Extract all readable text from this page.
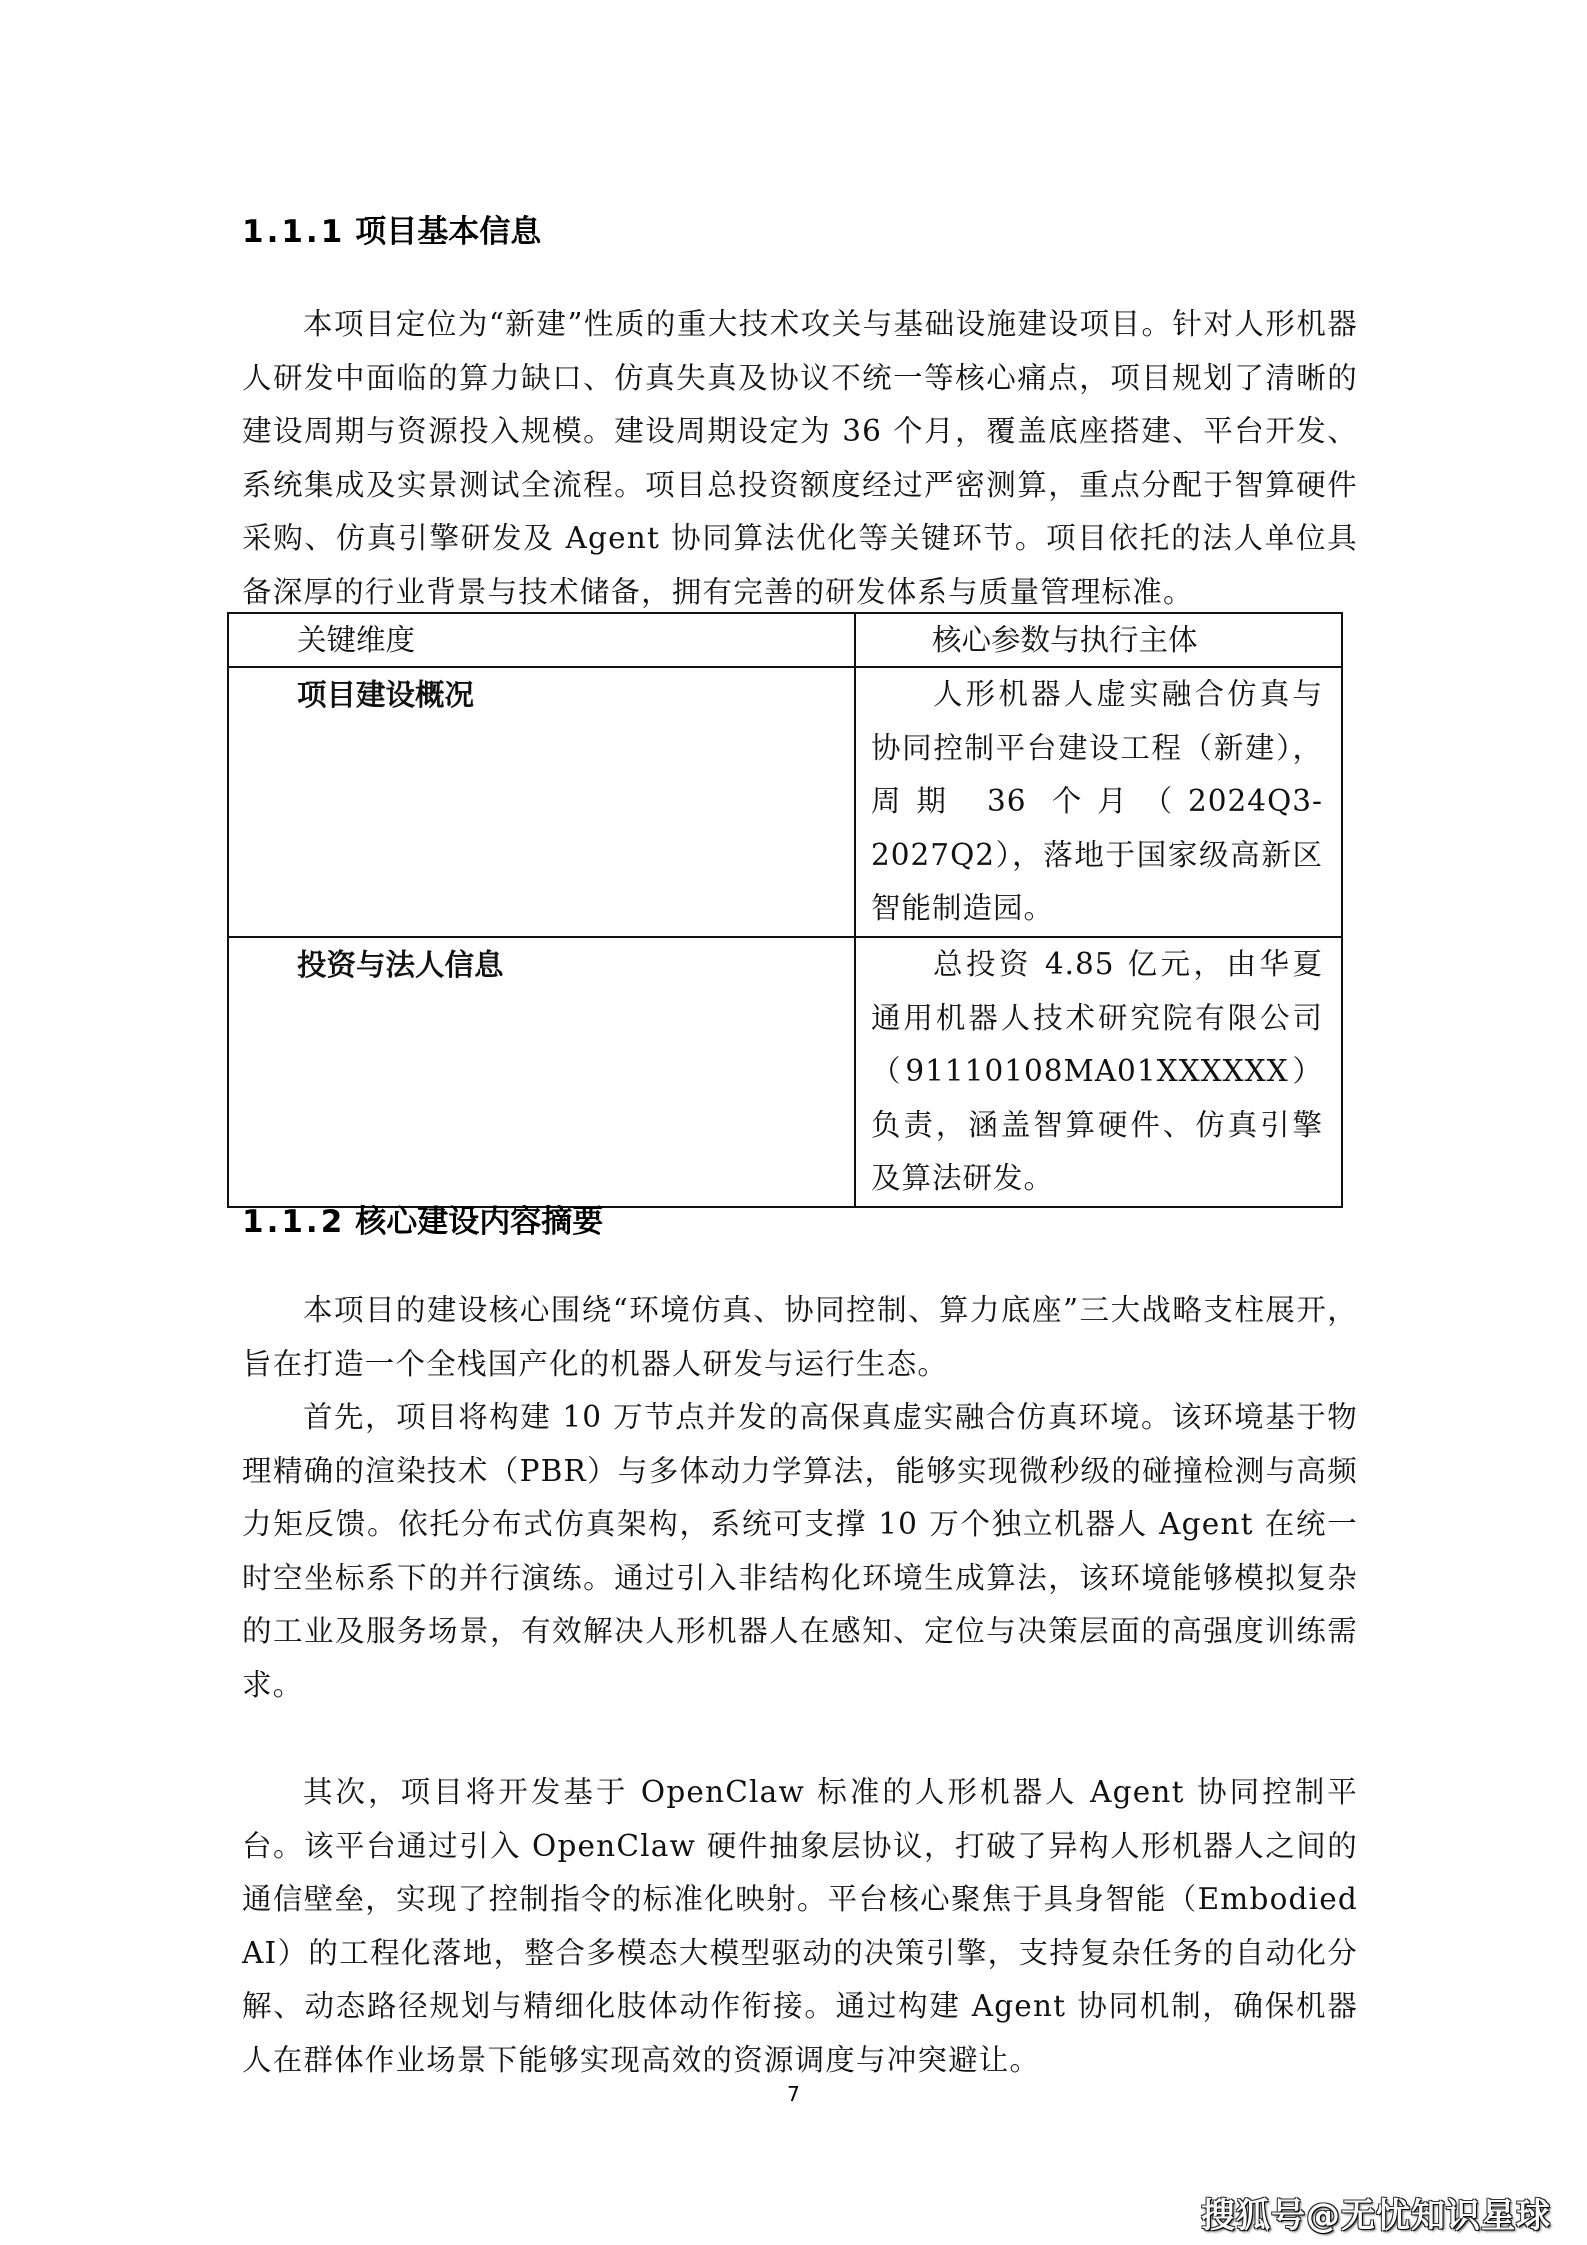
1.1.1 项目基本信息

本项目定位为“新建”性质的重大技术攻关与基础设施建设项目。针对人形机器人研发中面临的算力缺口、仿真失真及协议不统一等核心痛点，项目规划了清晰的建设周期与资源投入规模。建设周期设定为 36 个月，覆盖底座搭建、平台开发、系统集成及实景测试全流程。项目总投资额度经过严密测算，重点分配于智算硬件采购、仿真引擎研发及 Agent 协同算法优化等关键环节。项目依托的法人单位具备深厚的行业背景与技术储备，拥有完善的研发体系与质量管理标准。

关键维度	核心参数与执行主体
项目建设概况	人形机器人虚实融合仿真与协同控制平台建设工程（新建），周期 36 个月（2024Q3-2027Q2），落地于国家级高新区智能制造园。
投资与法人信息	总投资 4.85 亿元，由华夏通用机器人技术研究院有限公司（91110108MA01XXXXXX）负责，涵盖智算硬件、仿真引擎及算法研发。
1.1.2 核心建设内容摘要

本项目的建设核心围绕“环境仿真、协同控制、算力底座”三大战略支柱展开，旨在打造一个全栈国产化的机器人研发与运行生态。

首先，项目将构建 10 万节点并发的高保真虚实融合仿真环境。该环境基于物理精确的渲染技术（PBR）与多体动力学算法，能够实现微秒级的碰撞检测与高频力矩反馈。依托分布式仿真架构，系统可支撑 10 万个独立机器人 Agent 在统一时空坐标系下的并行演练。通过引入非结构化环境生成算法，该环境能够模拟复杂的工业及服务场景，有效解决人形机器人在感知、定位与决策层面的高强度训练需求。

其次，项目将开发基于 OpenClaw 标准的人形机器人 Agent 协同控制平台。该平台通过引入 OpenClaw 硬件抽象层协议，打破了异构人形机器人之间的通信壁垒，实现了控制指令的标准化映射。平台核心聚焦于具身智能（Embodied AI）的工程化落地，整合多模态大模型驱动的决策引擎，支持复杂任务的自动化分解、动态路径规划与精细化肢体动作衔接。通过构建 Agent 协同机制，确保机器人在群体作业场景下能够实现高效的资源调度与冲突避让。

7
搜狐号@无忧知识星球
